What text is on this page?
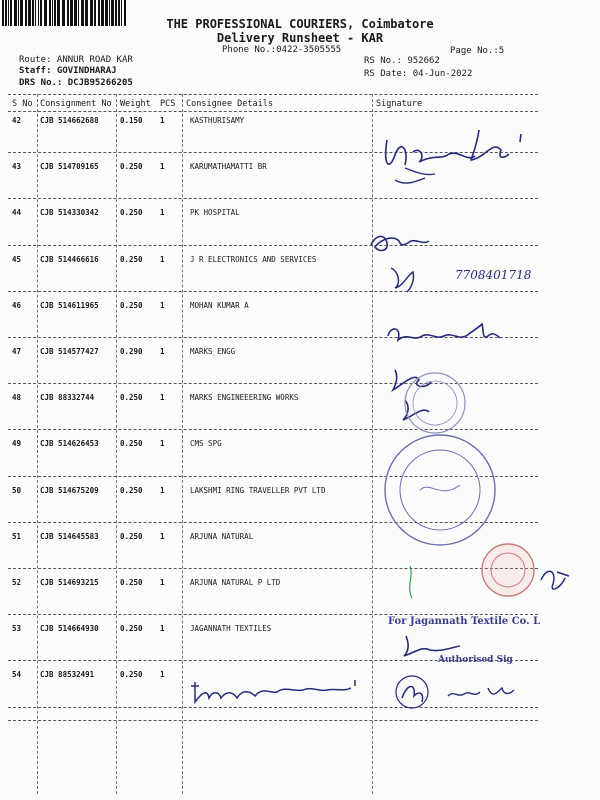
THE PROFESSIONAL COURIERS, Coimbatore
Delivery Runsheet - KAR
Phone No.:0422-3505555	Page No.:5
Route: ANNUR ROAD KAR
Staff: GOVINDHARAJ
DRS No.: DCJB95266205
RS No.: 952662
RS Date: 04-Jun-2022
S No Consignment No Weight PCS Consignee Details	Signature
42	CJB 514662688	0.150 1	KASTHURISAMY
43	CJB 514709165	0.250 1	KARUMATHAMATTI BR
44	CJB 514330342	0.250 1	PK HOSPITAL
45	CJB 514466616	0.250 1	J R ELECTRONICS AND SERVICES
46	CJB 514611965	0.250 1	MOHAN KUMAR A
47	CJB 514577427	0.290 1	MARKS ENGG
48	CJB 88332744	0.250 1	MARKS ENGINEEERING WORKS
49	CJB 514626453	0.250 1	CMS SPG
50	CJB 514675209	0.250 1	LAKSHMI RING TRAVELLER PVT LTD
51	CJB 514645583	0.250 1	ARJUNA NATURAL
52	CJB 514693215	0.250 1	ARJUNA NATURAL P LTD
53	CJB 514664930	0.250 1	JAGANNATH TEXTILES
54	CJB 88532491	0.250 1
7708401718
For Jagannath Textile Co. L
Authorised Sig
